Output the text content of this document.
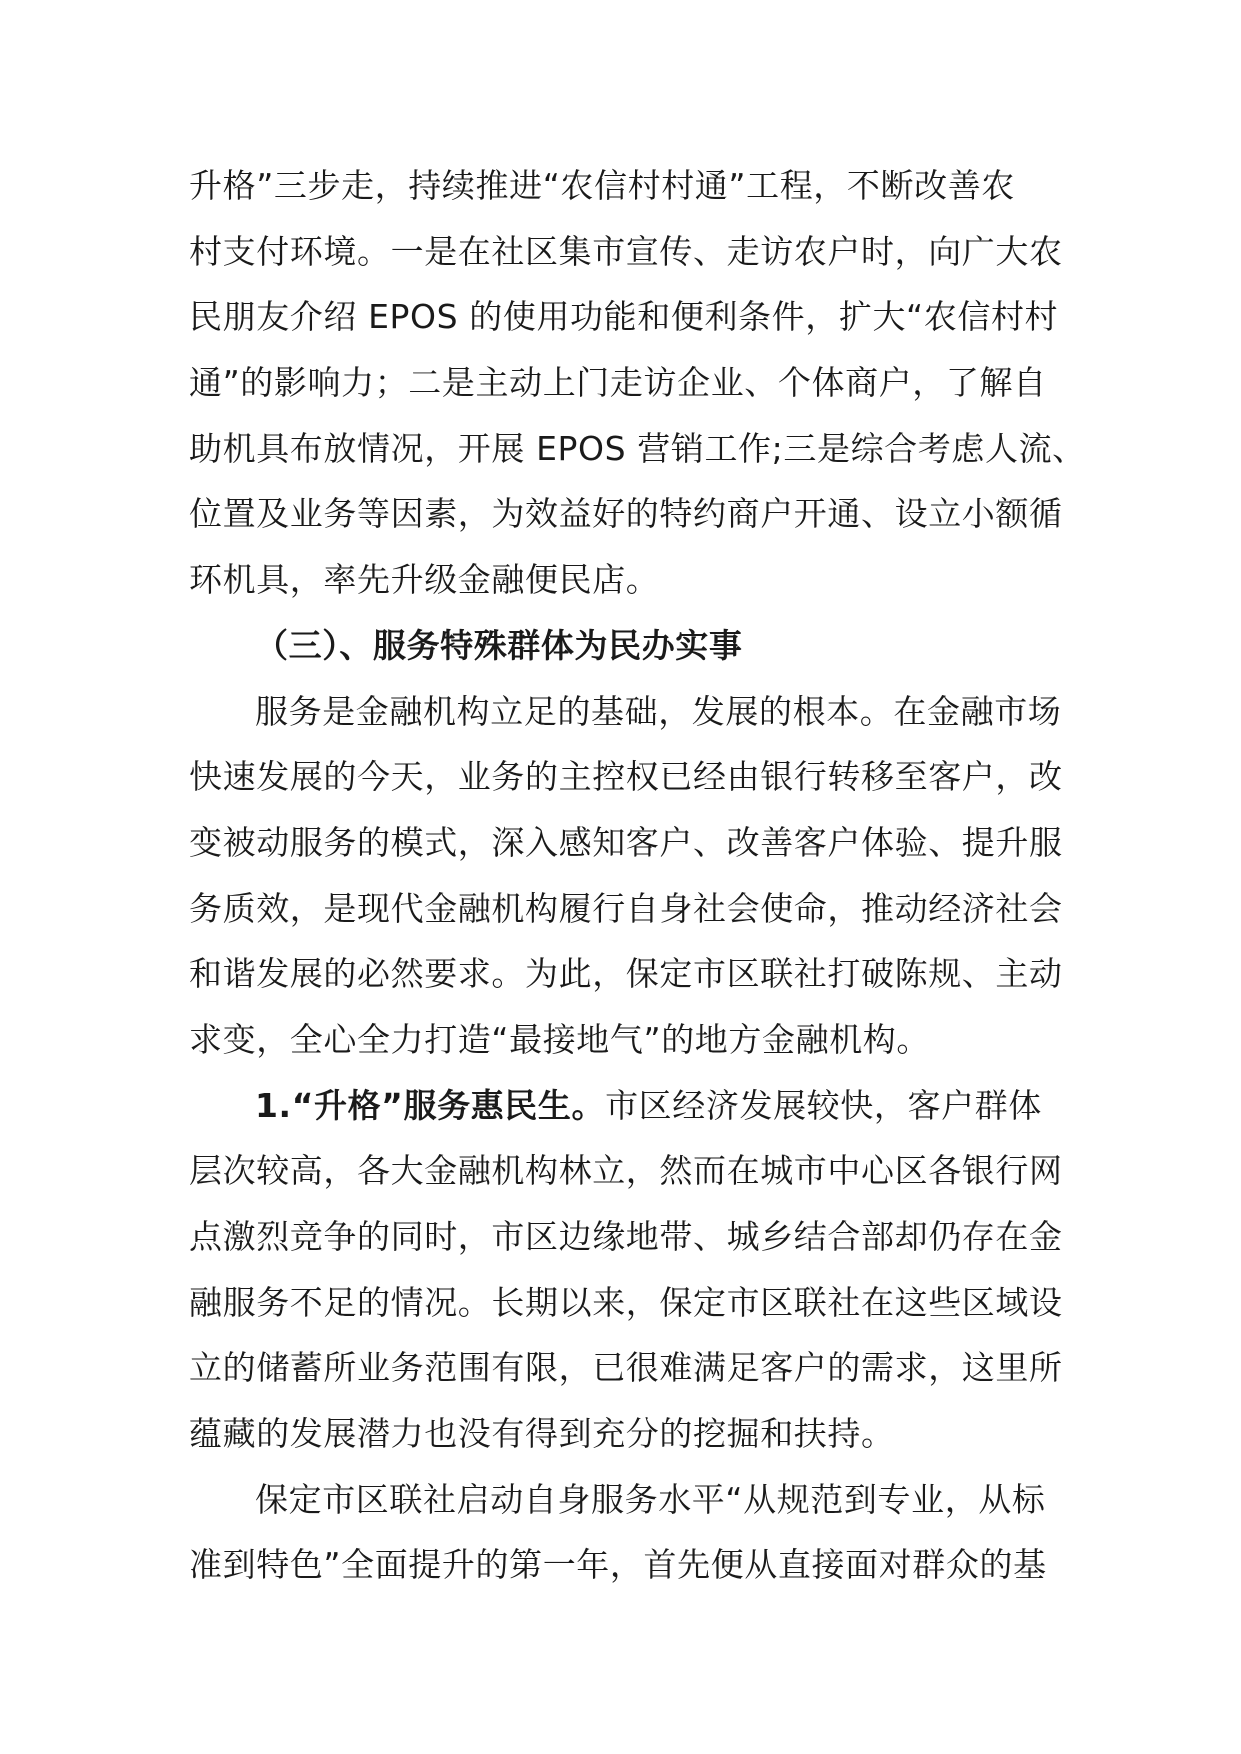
升格”三步走，持续推进“农信村村通”工程，不断改善农
村支付环境。一是在社区集市宣传、走访农户时，向广大农
民朋友介绍 EPOS 的使用功能和便利条件，扩大“农信村村
通”的影响力；二是主动上门走访企业、个体商户，了解自
助机具布放情况，开展 EPOS 营销工作;三是综合考虑人流、
位置及业务等因素，为效益好的特约商户开通、设立小额循
环机具，率先升级金融便民店。
（三）、服务特殊群体为民办实事
服务是金融机构立足的基础，发展的根本。在金融市场
快速发展的今天，业务的主控权已经由银行转移至客户，改
变被动服务的模式，深入感知客户、改善客户体验、提升服
务质效，是现代金融机构履行自身社会使命，推动经济社会
和谐发展的必然要求。为此，保定市区联社打破陈规、主动
求变，全心全力打造“最接地气”的地方金融机构。
1.“升格”服务惠民生。市区经济发展较快，客户群体
层次较高，各大金融机构林立，然而在城市中心区各银行网
点激烈竞争的同时，市区边缘地带、城乡结合部却仍存在金
融服务不足的情况。长期以来，保定市区联社在这些区域设
立的储蓄所业务范围有限，已很难满足客户的需求，这里所
蕴藏的发展潜力也没有得到充分的挖掘和扶持。
保定市区联社启动自身服务水平“从规范到专业，从标
准到特色”全面提升的第一年，首先便从直接面对群众的基
